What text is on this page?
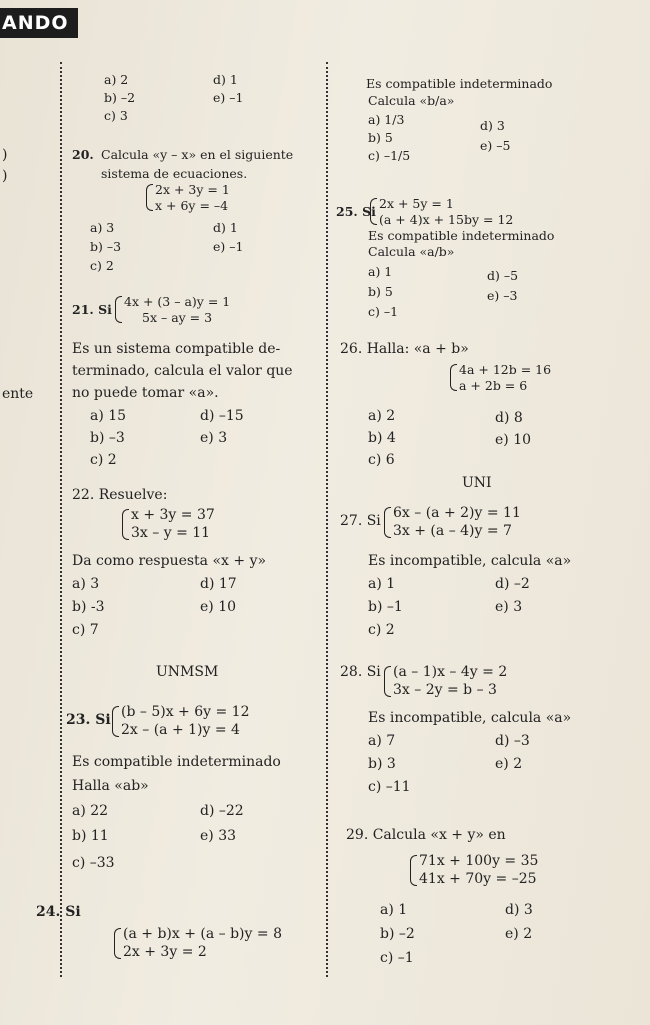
ANDO
ente
)
)
a) 2	d) 1
b) –2	e) –1
c) 3
20. Calcula «y – x» en el siguiente
sistema de ecuaciones.
2x + 3y = 1
x + 6y = –4
a) 3	d) 1
b) –3	e) –1
c) 2
21. Si
4x + (3 – a)y = 1
5x – ay = 3
Es un sistema compatible de-
terminado, calcula el valor que
no puede tomar «a».
a) 15	d) –15
b) –3	e) 3
c) 2
22. Resuelve:
x + 3y = 37
3x – y = 11
Da como respuesta «x + y»
a) 3	d) 17
b) -3	e) 10
c) 7
UNMSM
23. Si (b – 5)x + 6y = 12
2x – (a + 1)y = 4
Es compatible indeterminado
Halla «ab»
a) 22	d) –22
b) 11	e) 33
c) –33
24. Si
(a + b)x + (a – b)y = 8
2x + 3y = 2
Es compatible indeterminado
Calcula «b/a»
a) 1/3	d) 3
b) 5
e) –5
c) –1/5
25. Si
2x + 5y = 1
(a + 4)x + 15by = 12
Es compatible indeterminado
Calcula «a/b»
a) 1	d) –5
b) 5	e) –3
c) –1
26. Halla: «a + b»
4a + 12b = 16
a + 2b = 6
a) 2	d) 8
b) 4	e) 10
c) 6
UNI
27. Si 6x – (a + 2)y = 11
3x + (a – 4)y = 7
Es incompatible, calcula «a»
a) 1	d) –2
b) –1	e) 3
c) 2
28. Si (a – 1)x – 4y = 2
3x – 2y = b – 3
Es incompatible, calcula «a»
a) 7	d) –3
b) 3	e) 2
c) –11
29. Calcula «x + y» en
71x + 100y = 35
41x + 70y = –25
a) 1	d) 3
b) –2	e) 2
c) –1
